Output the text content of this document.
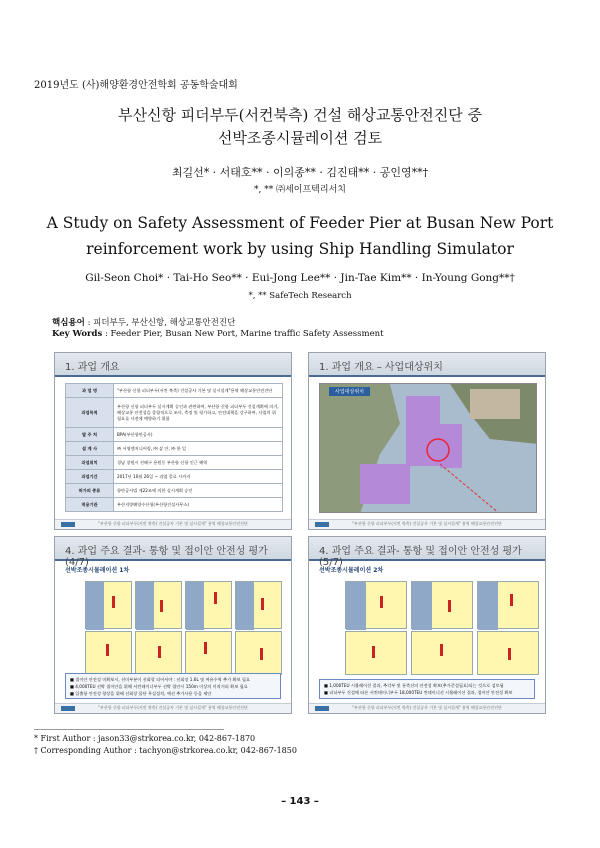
2019년도 (사)해양환경안전학회 공동학술대회
부산신항 피더부두(서컨북측) 건설 해상교통안전진단 중
선박조종시뮬레이션 검토
최길선* · 서태호** · 이의종** · 김진태** · 공인영**†
*, ** ㈜세이프텍리서치
A Study on Safety Assessment of Feeder Pier at Busan New Port
reinforcement work by using Ship Handling Simulator
Gil-Seon Choi* · Tai-Ho Seo** · Eui-Jong Lee** · Jin-Tae Kim** · In-Young Gong**†
*, ** SafeTech Research
핵심용어 : 피더부두, 부산신항, 해상교통안전진단
Key Words : Feeder Pier, Busan New Port, Marine traffic Safety Assessment
1. 과업 개요
과 업 명	"부산항 신항 피더부두(서컨 북측) 건설공사 기본 및 실시설계"용역 해상교통안전진단
과업목적	부산항 신항 피더부두 실시계획 승인과 관련하여, 부산항 신항 피더부두 건설계획에 의거, 해상교통 안전성을 종합적으로 조사, 측정 및 평가하고, 안전대책을 강구하여, 사업의 위험요를 사전에 예방하기 위함
발 주 처	BPA(부산항만공사)
설 계 사	㈜ 서영엔지니어링, ㈜ 삼 안, ㈜ 한 일
과업위치	경남 창원시 진해구 용원동 부산항 신항 인근 해역
과업기간	2017년 10월 26일 ~ 과업 종료 시까지
허가의 종류	항만공사법 제22조에 의한 실시계획 승인
적용기관	부산지방해양수산청(부산항건설사무소)
"부산항 신항 피더부두(서컨 북측) 건설공사 기본 및 실시설계" 용역 해상교통안전진단
1. 과업 개요 – 사업대상위치
사업대상위치
"부산항 신항 피더부두(서컨 북측) 건설공사 기본 및 실시설계" 용역 해상교통안전진단
4. 과업 주요 결과- 통항 및 접이안 안전성 평가(4/7)
선박조종시뮬레이션 1차
■ 접이안 안전성 미확보시, 선미부분이 선회할 되어서야 : 선회장 1.6L 및 여유수역 추가 확보 필요
■ 4,000TEU 선박 접이안을 위해 서컨테이너부두 선박 접안시 150m 이상의 이격거리 확보 필요
■ 입출항 안전성 향상을 위해 선회장 몰단 무실설치, 예선 추가사용 등을 제안
"부산항 신항 피더부두(서컨 북측) 건설공사 기본 및 실시설계" 용역 해상교통안전진단
4. 과업 주요 결과- 통항 및 접이안 안전성 평가(5/7)
선박조종시뮬레이션 2차
■ 1,000TEU 시뮬레이션 결과, 추각부 및 통측선의 안전성 확보(추가준설필요)되는 것으로 검토됨
■ 피더부두 건설에 따른 서컨테이너부두 18,000TEU 컨테이너선 시뮬레이션 결과, 접이안 안전성 확보
"부산항 신항 피더부두(서컨 북측) 건설공사 기본 및 실시설계" 용역 해상교통안전진단
* First Author : jason33@strkorea.co.kr, 042-867-1870
† Corresponding Author : tachyon@strkorea.co.kr, 042-867-1850
– 143 –
